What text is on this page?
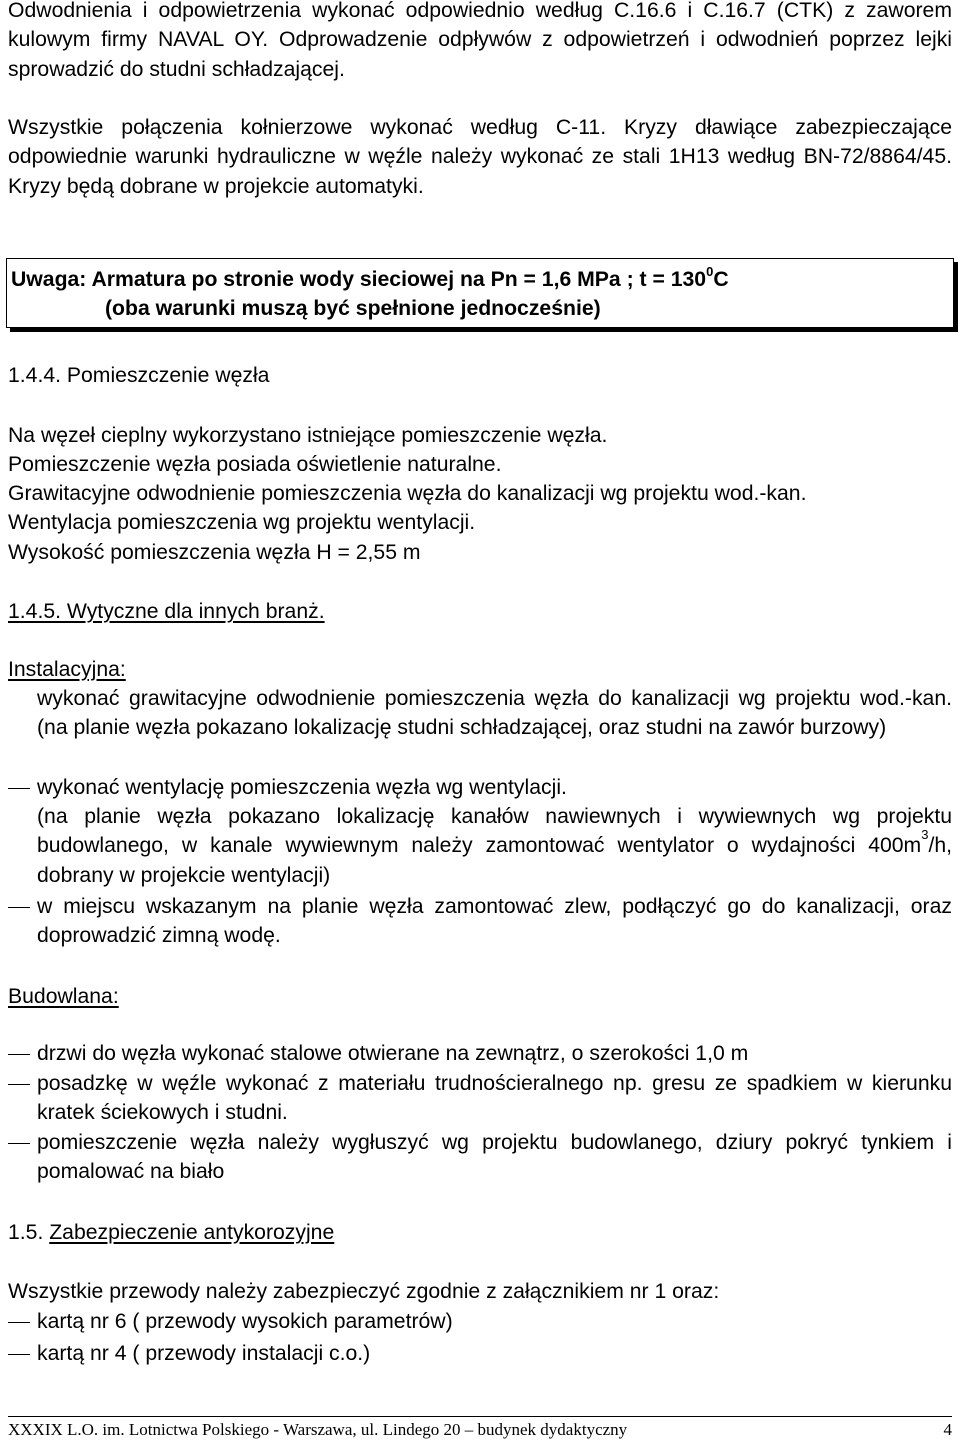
Odwodnienia i odpowietrzenia wykonać odpowiednio według C.16.6 i C.16.7 (CTK) z zaworem kulowym firmy NAVAL OY. Odprowadzenie odpływów z odpowietrzeń i odwodnień poprzez lejki sprowadzić do studni schładzającej.

Wszystkie połączenia kołnierzowe wykonać według C-11. Kryzy dławiące zabezpieczające odpowiednie warunki hydrauliczne w węźle należy wykonać ze stali 1H13 według BN-72/8864/45. Kryzy będą dobrane w projekcie automatyki.

Uwaga: Armatura po stronie wody sieciowej na Pn = 1,6 MPa ; $t = 130^0C$
(oba warunki muszą być spełnione jednocześnie)

1.4.4. Pomieszczenie węzła

Na węzeł cieplny wykorzystano istniejące pomieszczenie węzła.

Pomieszczenie węzła posiada oświetlenie naturalne.

Grawitacyjne odwodnienie pomieszczenia węzła do kanalizacji wg projektu wod.-kan.

Wentylacja pomieszczenia wg projektu wentylacji.

Wysokość pomieszczenia węzła H = 2,55 m

1.4.5. Wytyczne dla innych branż.

Instalacyjna:

wykonać grawitacyjne odwodnienie pomieszczenia węzła do kanalizacji wg projektu wod.-kan. (na planie węzła pokazano lokalizację studni schładzającej, oraz studni na zawór burzowy)
wykonać wentylację pomieszczenia węzła wg wentylacji.
(na planie węzła pokazano lokalizację kanałów nawiewnych i wywiewnych wg projektu budowlanego, w kanale wywiewnym należy zamontować wentylator o wydajności $400m^3/h$, dobrany w projekcie wentylacji)
w miejscu wskazanym na planie węzła zamontować zlew, podłączyć go do kanalizacji, oraz doprowadzić zimną wodę.

Budowlana:

drzwi do węzła wykonać stalowe otwierane na zewnątrz, o szerokości 1,0 m
posadzkę w węźle wykonać z materiału trudnościeralnego np. gresu ze spadkiem w kierunku kratek ściekowych i studni.
pomieszczenie węzła należy wygłuszyć wg projektu budowlanego, dziury pokryć tynkiem i pomalować na biało

1.5. Zabezpieczenie antykorozyjne

Wszystkie przewody należy zabezpieczyć zgodnie z załącznikiem nr 1 oraz:

kartą nr 6 ( przewody wysokich parametrów)
kartą nr 4 ( przewody instalacji c.o.)
XXXIX L.O. im. Lotnictwa Polskiego - Warszawa, ul. Lindego 20 – budynek dydaktyczny	4
